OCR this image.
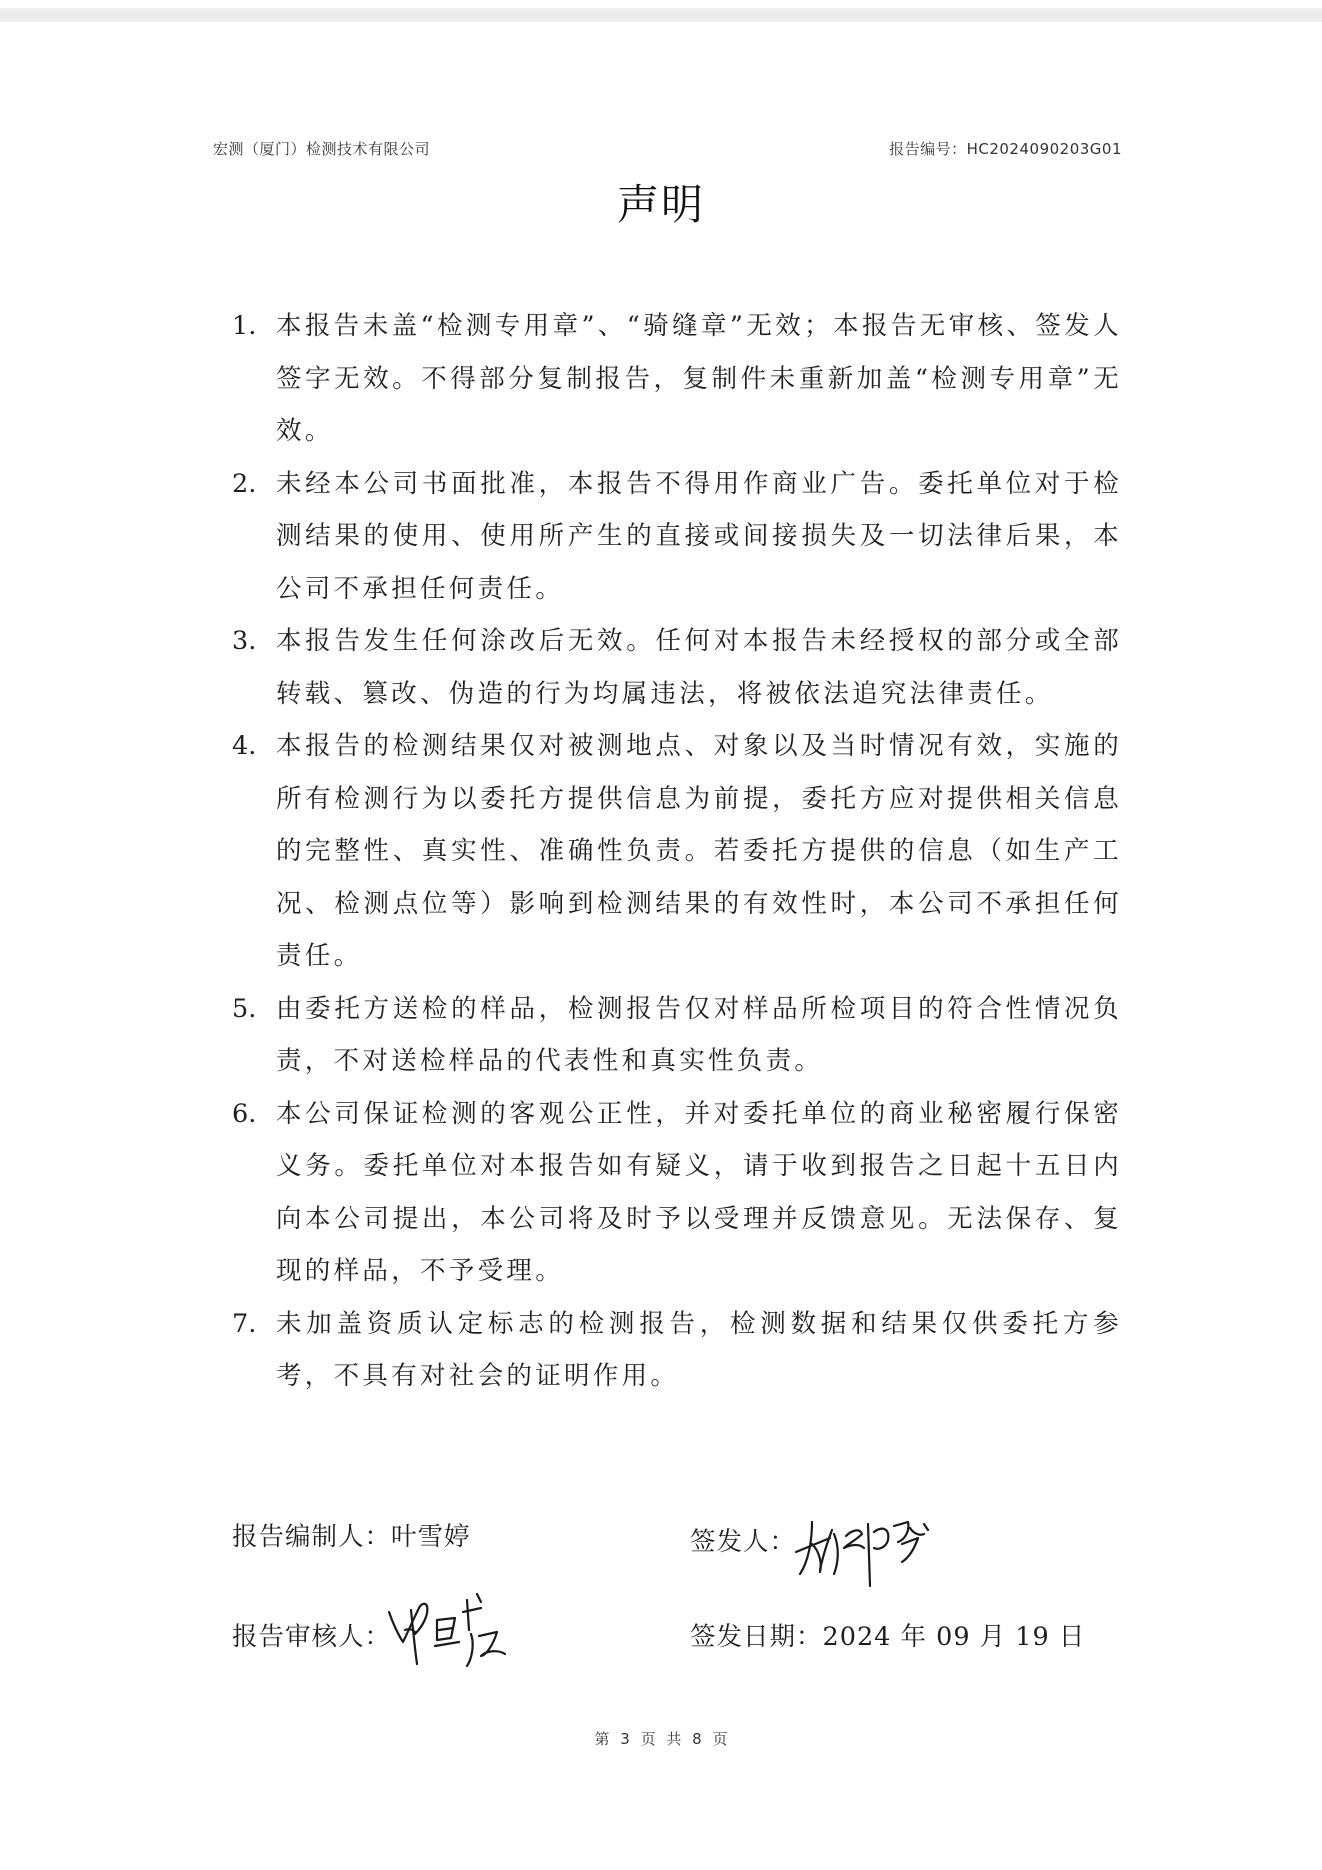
宏测（厦门）检测技术有限公司	报告编号：HC2024090203G01
声明
1. 本报告未盖“检测专用章”、“骑缝章”无效；本报告无审核、签发人签字无效。不得部分复制报告，复制件未重新加盖“检测专用章”无效。
2. 未经本公司书面批准，本报告不得用作商业广告。委托单位对于检测结果的使用、使用所产生的直接或间接损失及一切法律后果，本公司不承担任何责任。
3. 本报告发生任何涂改后无效。任何对本报告未经授权的部分或全部转载、篡改、伪造的行为均属违法，将被依法追究法律责任。
4. 本报告的检测结果仅对被测地点、对象以及当时情况有效，实施的所有检测行为以委托方提供信息为前提，委托方应对提供相关信息的完整性、真实性、准确性负责。若委托方提供的信息（如生产工况、检测点位等）影响到检测结果的有效性时，本公司不承担任何责任。
5. 由委托方送检的样品，检测报告仅对样品所检项目的符合性情况负责，不对送检样品的代表性和真实性负责。
6. 本公司保证检测的客观公正性，并对委托单位的商业秘密履行保密义务。委托单位对本报告如有疑义，请于收到报告之日起十五日内向本公司提出，本公司将及时予以受理并反馈意见。无法保存、复现的样品，不予受理。
7. 未加盖资质认定标志的检测报告，检测数据和结果仅供委托方参考，不具有对社会的证明作用。
报告编制人：叶雪婷
报告审核人：
签发人：
签发日期：2024 年 09 月 19 日
第 3 页 共 8 页
